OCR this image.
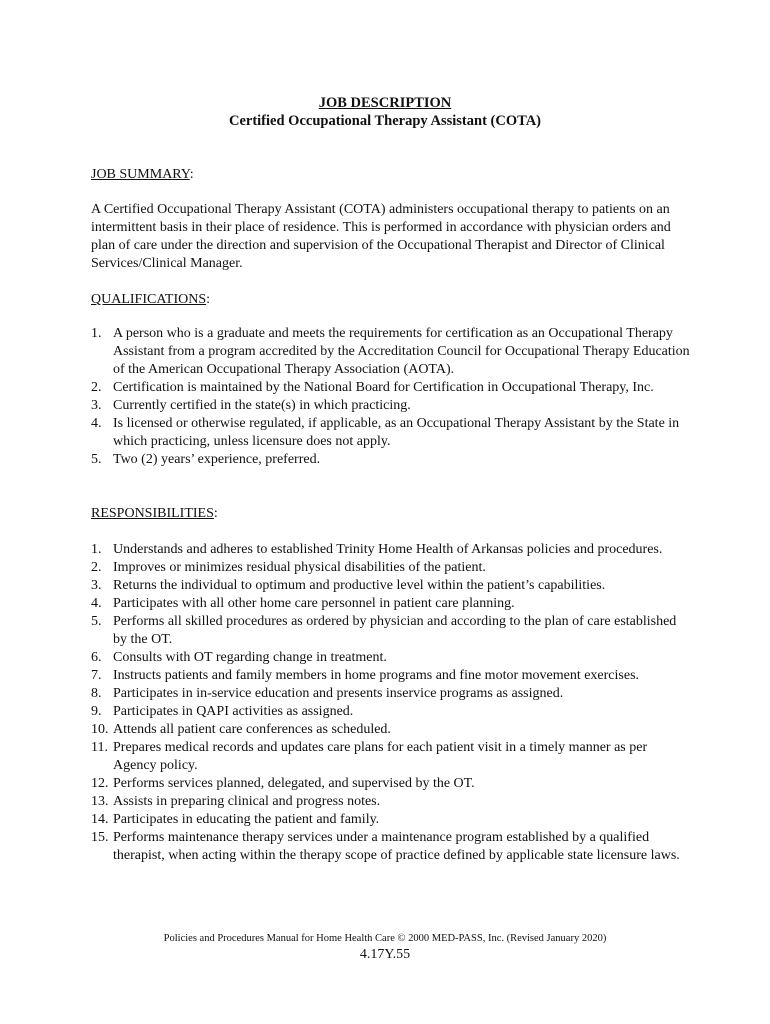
JOB DESCRIPTION
Certified Occupational Therapy Assistant (COTA)
JOB SUMMARY:

A Certified Occupational Therapy Assistant (COTA) administers occupational therapy to patients on an intermittent basis in their place of residence. This is performed in accordance with physician orders and plan of care under the direction and supervision of the Occupational Therapist and Director of Clinical Services/Clinical Manager.

QUALIFICATIONS:
1. A person who is a graduate and meets the requirements for certification as an Occupational Therapy Assistant from a program accredited by the Accreditation Council for Occupational Therapy Education of the American Occupational Therapy Association (AOTA).
2. Certification is maintained by the National Board for Certification in Occupational Therapy, Inc.
3. Currently certified in the state(s) in which practicing.
4. Is licensed or otherwise regulated, if applicable, as an Occupational Therapy Assistant by the State in which practicing, unless licensure does not apply.
5. Two (2) years’ experience, preferred.
RESPONSIBILITIES:
1. Understands and adheres to established Trinity Home Health of Arkansas policies and procedures.
2. Improves or minimizes residual physical disabilities of the patient.
3. Returns the individual to optimum and productive level within the patient’s capabilities.
4. Participates with all other home care personnel in patient care planning.
5. Performs all skilled procedures as ordered by physician and according to the plan of care established by the OT.
6. Consults with OT regarding change in treatment.
7. Instructs patients and family members in home programs and fine motor movement exercises.
8. Participates in in-service education and presents inservice programs as assigned.
9. Participates in QAPI activities as assigned.
10. Attends all patient care conferences as scheduled.
11. Prepares medical records and updates care plans for each patient visit in a timely manner as per Agency policy.
12. Performs services planned, delegated, and supervised by the OT.
13. Assists in preparing clinical and progress notes.
14. Participates in educating the patient and family.
15. Performs maintenance therapy services under a maintenance program established by a qualified therapist, when acting within the therapy scope of practice defined by applicable state licensure laws.
Policies and Procedures Manual for Home Health Care © 2000 MED-PASS, Inc. (Revised January 2020)
4.17Y.55
